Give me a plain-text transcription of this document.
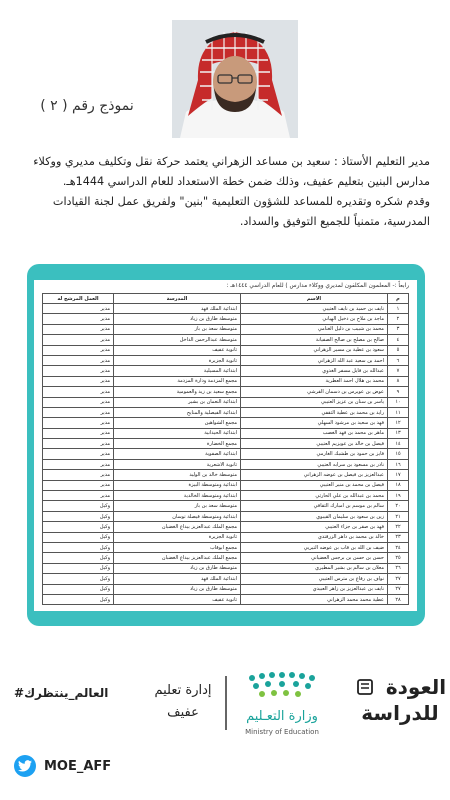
نموذج رقم ( ٢ )

مدير التعليم الأستاذ : سعيد بن مساعد الزهراني يعتمد حركة نقل وتكليف مديري ووكلاء مدارس البنين بتعليم عفيف، وذلك ضمن خطة الاستعداد للعام الدراسي 1444هـ.

وقدم شكره وتقديره للمساعد للشؤون التعليمية "بنين" ولفريق عمل لجنة القيادات المدرسية، متمنياً للجميع التوفيق والسداد.

رابعاً :- المعلمون المكلفون لمديري ووكلاء مدارس ) للعام الدراسي ١٤٤٤هـ :
م	الاسم	المدرسة	العمل المرشح له
١	نايف بن حميد بن نايف العتيبي	ابتدائية الملك فهد	مدير
٢	ماجد بن ملاح بن دخيل الهياني	متوسطة طارق بن زياد	مدير
٣	محمد بن شبيب بن دليل الغنامي	متوسطة سعد بن باز	مدير
٤	صالح بن مصلح بن صالح الصفيانة	متوسطة عبدالرحمن الداخل	مدير
٥	سعود بن عطية بن مسير الزهراني	ثانوية عفيف	مدير
٦	احمد بن سعيد عبد الله الزهراني	ثانوية الجزيرة	مدير
٧	عبدالله بن فايل مسفر الغذوي	ابتدائية المسيلية	مدير
٨	محمد بن هلال احمد العطرية	مجمع المزدمة ودارة المزدمة	مدير
٩	عوض بن عويرس بن دسمان القرشي	مجمع سعيد بن زيد والعمومية	مدير
١٠	ياسر بن سنان بن عزيز العتيبي	ابتدائية النعمان بن بشير	مدير
١١	رايد بن محمد بن عطية الثقفي	ابتدائية الفيصلية والمنايح	مدير
١٢	فهد بن سعيد بن مرشود السهلي	مجمع الشواهين	مدير
١٣	ماهر بن محمد بن فهد الغصب	ابتدائية الحيدانية	مدير
١٤	فيصل بن خالد بن عويزيم العتيبي	مجمع الخضارة	مدير
١٥	فايز بن حمود بن طشبك الغارمي	ابتدائية الصفوية	مدير
١٦	نادر بن مسعود بن سرابه العتيبي	ثانوية الاشعرية	مدير
١٧	عبدالعزيز بن فيصل بن عوضه الزهراني	متوسطة خالد بن الوليد	مدير
١٨	فيصل بن محمد بن منير العتيبي	ابتدائية ومتوسطة البيزة	مدير
١٩	محمد بن عبدالله بن علي الحارثي	ابتدائية ومتوسطة الخالدية	مدير
٢٠	سالم بن موسم بن امبارك الثقافي	متوسطة سعد بن باز	وكيل
٢١	زين بن سعود بن سليمان القيبوي	ابتدائية ومتوسطة فيصلة توسان	وكيل
٢٢	فهد بن صقر بن جزاء العتيبي	مجمع الملك عبدالعزيز بيداع الغضبان	وكيل
٢٣	خالد بن محمد بن داهر الزرقتدي	ثانوية الجزيرة	وكيل
٢٤	ضيف بن الله بن قاب بن عوضه التيريي	مجمع ابوقاب	وكيل
٢٥	حسن بن حسن بن برجس العضياني	مجمع الملك عبدالعزيز بيداع الغضبان	وكيل
٢٦	معلان بن سالم بن بشير المطيري	متوسطة طارق بن زياد	وكيل
٢٧	نواف بن رفاع بن مترس العتيبي	ابتدائية الملك فهد	وكيل
٢٧	نايف بن عبدالعزيز بن زاهر العبيدي	متوسطة طارق بن زياد	وكيل
٢٨	عطية محمد محمد الزهراني	ثانوية عفيف	وكيل
العودة
للدراسة
وزارة التعـليم
Ministry of Education
إدارة تعليم
عفيف
#العالم_ينتظرك
MOE_AFF
